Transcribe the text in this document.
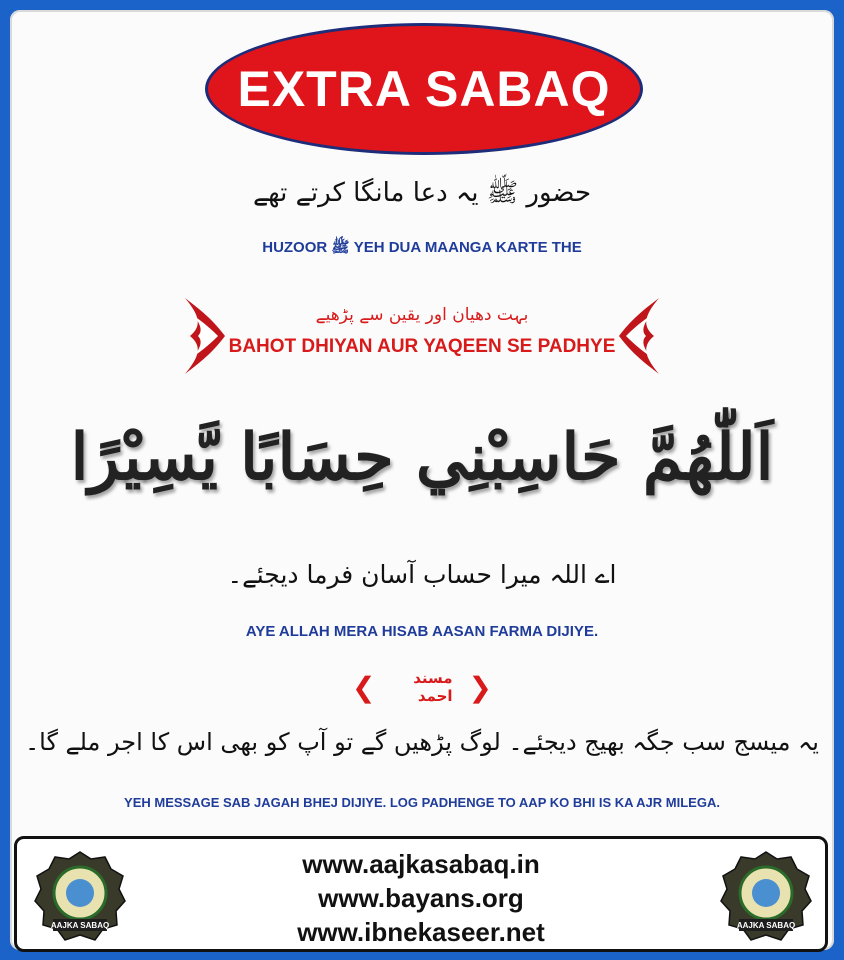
EXTRA SABAQ
حضور ﷺ یہ دعا مانگا کرتے تھے
HUZOOR ﷺ YEH DUA MAANGA KARTE THE
بہت دھیان اور یقین سے پڑھیے
BAHOT DHIYAN AUR YAQEEN SE PADHYE
اَللّٰهُمَّ حَاسِبْنِي حِسَابًا يَّسِيْرًا
اے اللہ میرا حساب آسان فرما دیجئے۔
AYE ALLAH MERA HISAB AASAN FARMA DIJIYE.
❮	مسند احمد ❯
یہ میسج سب جگہ بھیج دیجئے۔ لوگ پڑھیں گے تو آپ کو بھی اس کا اجر ملے گا۔
YEH MESSAGE SAB JAGAH BHEJ DIJIYE. LOG PADHENGE TO AAP KO BHI IS KA AJR MILEGA.
AAJKA SABAQ
www.aajkasabaq.in
www.bayans.org
www.ibnekaseer.net	AAJKA SABAQ
